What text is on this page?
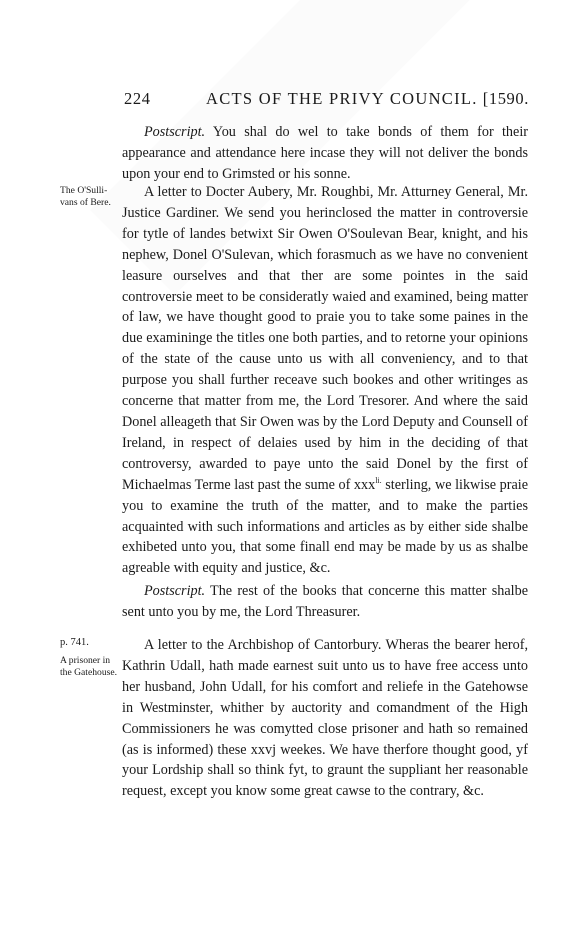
224	ACTS OF THE PRIVY COUNCIL. [1590.

Postscript. You shal do wel to take bonds of them for their appearance and attendance here incase they will not deliver the bonds upon your end to Grimsted or his sonne.

The O'Sulli-vans of Bere.

A letter to Docter Aubery, Mr. Roughbi, Mr. Atturney General, Mr. Justice Gardiner. We send you herinclosed the matter in controversie for tytle of landes betwixt Sir Owen O'Soulevan Bear, knight, and his nephew, Donel O'Sulevan, which forasmuch as we have no convenient leasure ourselves and that ther are some pointes in the said controversie meet to be consideratly waied and examined, being matter of law, we have thought good to praie you to take some paines in the due examininge the titles one both parties, and to retorne your opinions of the state of the cause unto us with all conveniency, and to that purpose you shall further receave such bookes and other writinges as concerne that matter from me, the Lord Tresorer. And where the said Donel alleageth that Sir Owen was by the Lord Deputy and Counsell of Ireland, in respect of delaies used by him in the deciding of that controversy, awarded to paye unto the said Donel by the first of Michaelmas Terme last past the sume of xxx$^{li.}$ sterling, we likwise praie you to examine the truth of the matter, and to make the parties acquainted with such informations and articles as by either side shalbe exhibeted unto you, that some finall end may be made by us as shalbe agreable with equity and justice, &c.

Postscript. The rest of the books that concerne this matter shalbe sent unto you by me, the Lord Threasurer.

p. 741.
A prisoner in the Gatehouse.

A letter to the Archbishop of Cantorbury. Wheras the bearer herof, Kathrin Udall, hath made earnest suit unto us to have free access unto her husband, John Udall, for his comfort and reliefe in the Gatehowse in Westminster, whither by auctority and comandment of the High Commissioners he was comytted close prisoner and hath so remained (as is informed) these xxvj weekes. We have therfore thought good, yf your Lordship shall so think fyt, to graunt the suppliant her reasonable request, except you know some great cawse to the contrary, &c.
